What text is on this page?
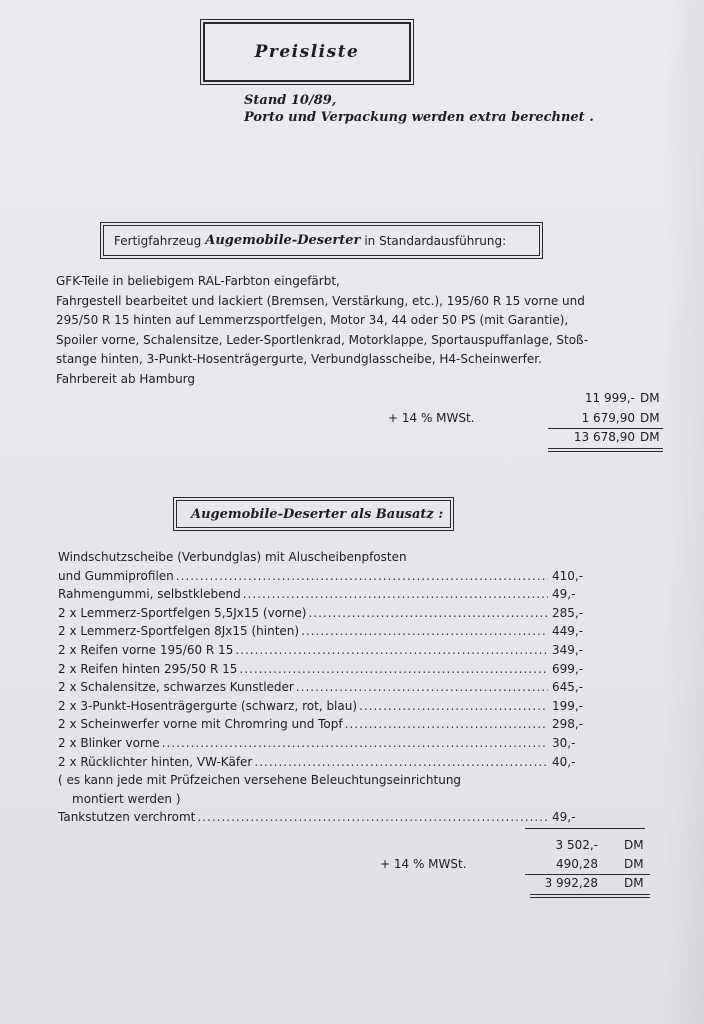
Preisliste
Stand 10/89,
Porto und Verpackung werden extra berechnet .
Fertigfahrzeug Augemobile-Deserter in Standardausführung:
GFK-Teile in beliebigem RAL-Farbton eingefärbt,
Fahrgestell bearbeitet und lackiert (Bremsen, Verstärkung, etc.), 195/60 R 15 vorne und
295/50 R 15 hinten auf Lemmerzsportfelgen, Motor 34, 44 oder 50 PS (mit Garantie),
Spoiler vorne, Schalensitze, Leder-Sportlenkrad, Motorklappe, Sportauspuffanlage, Stoß-
stange hinten, 3-Punkt-Hosenträgergurte, Verbundglasscheibe, H4-Scheinwerfer.
Fahrbereit ab Hamburg
11 999,- DM
+ 14 % MWSt.	1 679,90 DM
13 678,90 DM
Augemobile-Deserter als Bausatz :
Windschutzscheibe (Verbundglas) mit Aluscheibenpfosten
und Gummiprofilen .....	410,-
Rahmengummi, selbstklebend .....	49,-
2 x Lemmerz-Sportfelgen 5,5Jx15 (vorne) .....	285,-
2 x Lemmerz-Sportfelgen 8Jx15 (hinten) .....	449,-
2 x Reifen vorne 195/60 R 15 .....	349,-
2 x Reifen hinten 295/50 R 15 .....	699,-
2 x Schalensitze, schwarzes Kunstleder .....	645,-
2 x 3-Punkt-Hosenträgergurte (schwarz, rot, blau) .....	199,-
2 x Scheinwerfer vorne mit Chromring und Topf .....	298,-
2 x Blinker vorne .....	30,-
2 x Rücklichter hinten, VW-Käfer .....	40,-
( es kann jede mit Prüfzeichen versehene Beleuchtungseinrichtung
montiert werden )
Tankstutzen verchromt .....	49,-
3 502,- DM
+ 14 % MWSt.	490,28 DM
3 992,28 DM
